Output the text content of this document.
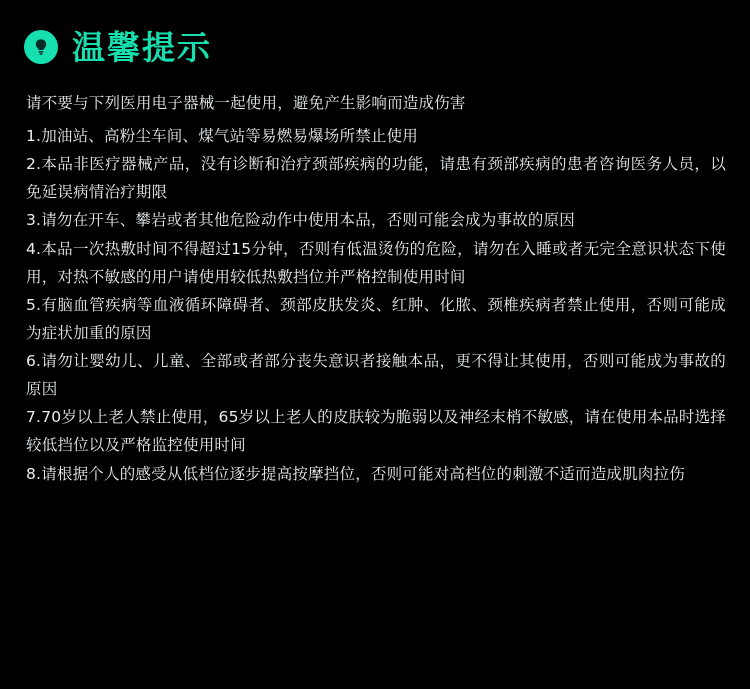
温馨提示

请不要与下列医用电子器械一起使用，避免产生影响而造成伤害

1.加油站、高粉尘车间、煤气站等易燃易爆场所禁止使用
2.本品非医疗器械产品，没有诊断和治疗颈部疾病的功能，请患有颈部疾病的患者咨询医务人员，以免延误病情治疗期限
3.请勿在开车、攀岩或者其他危险动作中使用本品，否则可能会成为事故的原因
4.本品一次热敷时间不得超过15分钟，否则有低温烫伤的危险，请勿在入睡或者无完全意识状态下使用，对热不敏感的用户请使用较低热敷挡位并严格控制使用时间
5.有脑血管疾病等血液循环障碍者、颈部皮肤发炎、红肿、化脓、颈椎疾病者禁止使用，否则可能成为症状加重的原因
6.请勿让婴幼儿、儿童、全部或者部分丧失意识者接触本品，更不得让其使用，否则可能成为事故的原因
7.70岁以上老人禁止使用，65岁以上老人的皮肤较为脆弱以及神经末梢不敏感，请在使用本品时选择较低挡位以及严格监控使用时间
8.请根据个人的感受从低档位逐步提高按摩挡位，否则可能对高档位的刺激不适而造成肌肉拉伤
